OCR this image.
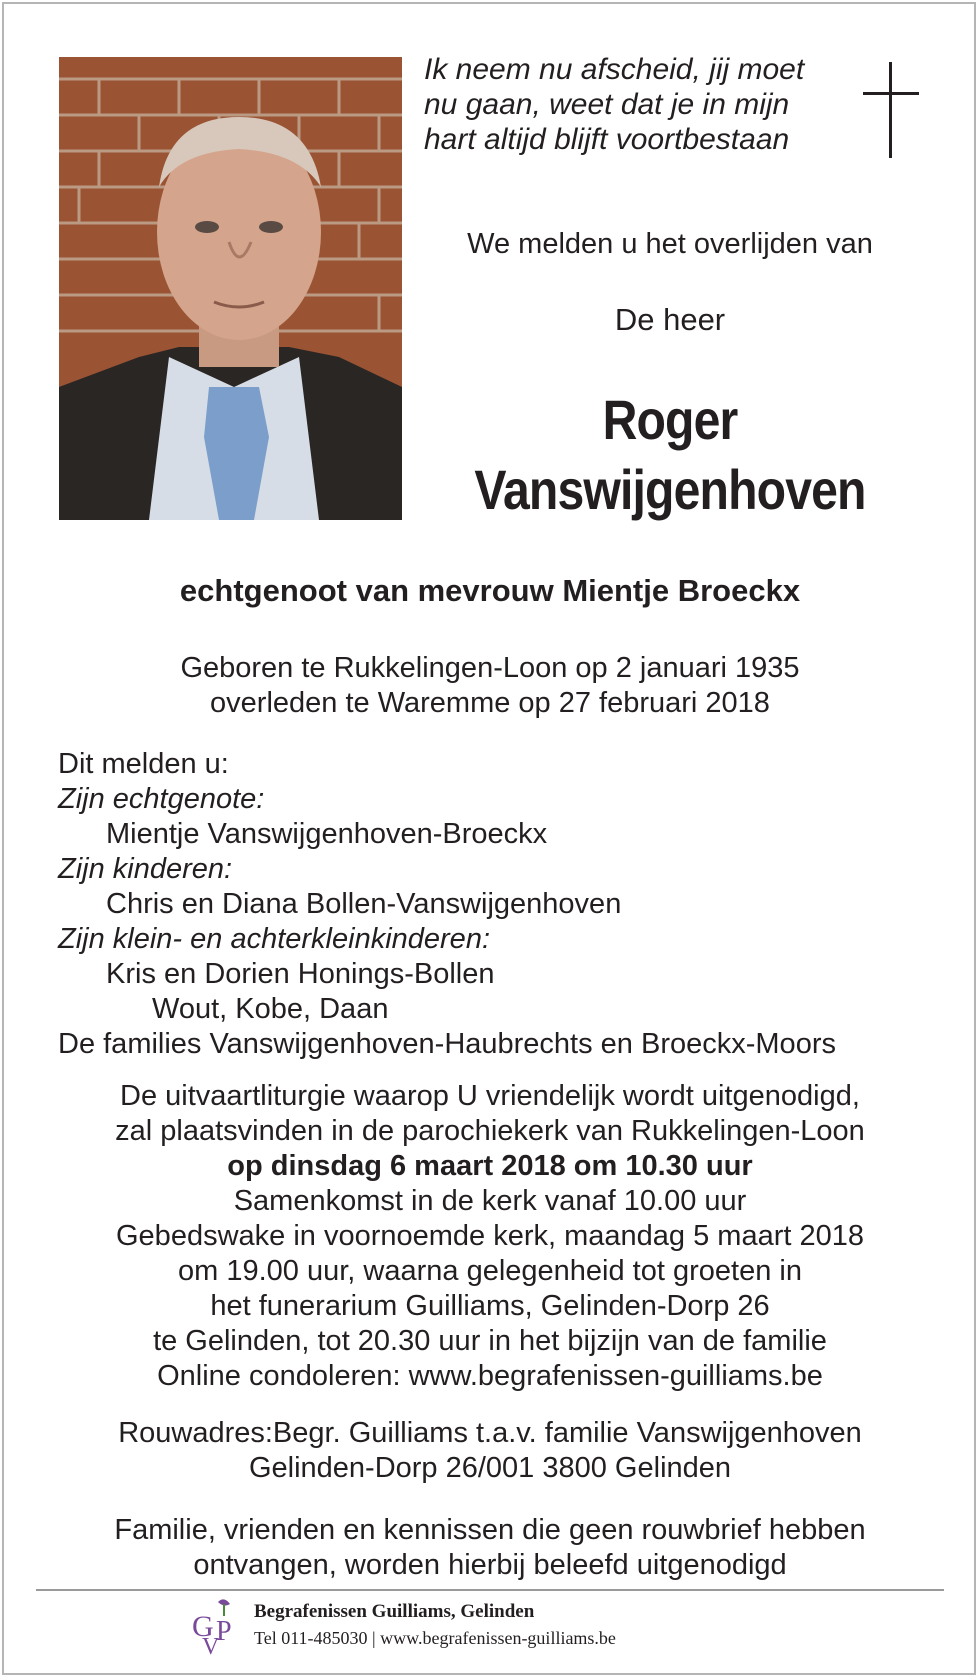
Ik neem nu afscheid, jij moet
nu gaan, weet dat je in mijn
hart altijd blijft voortbestaan
We melden u het overlijden van
De heer
Roger
Vanswijgenhoven
echtgenoot van mevrouw Mientje Broeckx
Geboren te Rukkelingen-Loon op 2 januari 1935
overleden te Waremme op 27 februari 2018
Dit melden u:
Zijn echtgenote:
Mientje Vanswijgenhoven-Broeckx
Zijn kinderen:
Chris en Diana Bollen-Vanswijgenhoven
Zijn klein- en achterkleinkinderen:
Kris en Dorien Honings-Bollen
Wout, Kobe, Daan
De families Vanswijgenhoven-Haubrechts en Broeckx-Moors
De uitvaartliturgie waarop U vriendelijk wordt uitgenodigd,
zal plaatsvinden in de parochiekerk van Rukkelingen-Loon
op dinsdag 6 maart 2018 om 10.30 uur
Samenkomst in de kerk vanaf 10.00 uur
Gebedswake in voornoemde kerk, maandag 5 maart 2018
om 19.00 uur, waarna gelegenheid tot groeten in
het funerarium Guilliams, Gelinden-Dorp 26
te Gelinden, tot 20.30 uur in het bijzijn van de familie
Online condoleren: www.begrafenissen-guilliams.be
Rouwadres:Begr. Guilliams t.a.v. familie Vanswijgenhoven
Gelinden-Dorp 26/001 3800 Gelinden
Familie, vrienden en kennissen die geen rouwbrief hebben
ontvangen, worden hierbij beleefd uitgenodigd
G
V
P
Begrafenissen Guilliams, Gelinden
Tel 011-485030 | www.begrafenissen-guilliams.be
